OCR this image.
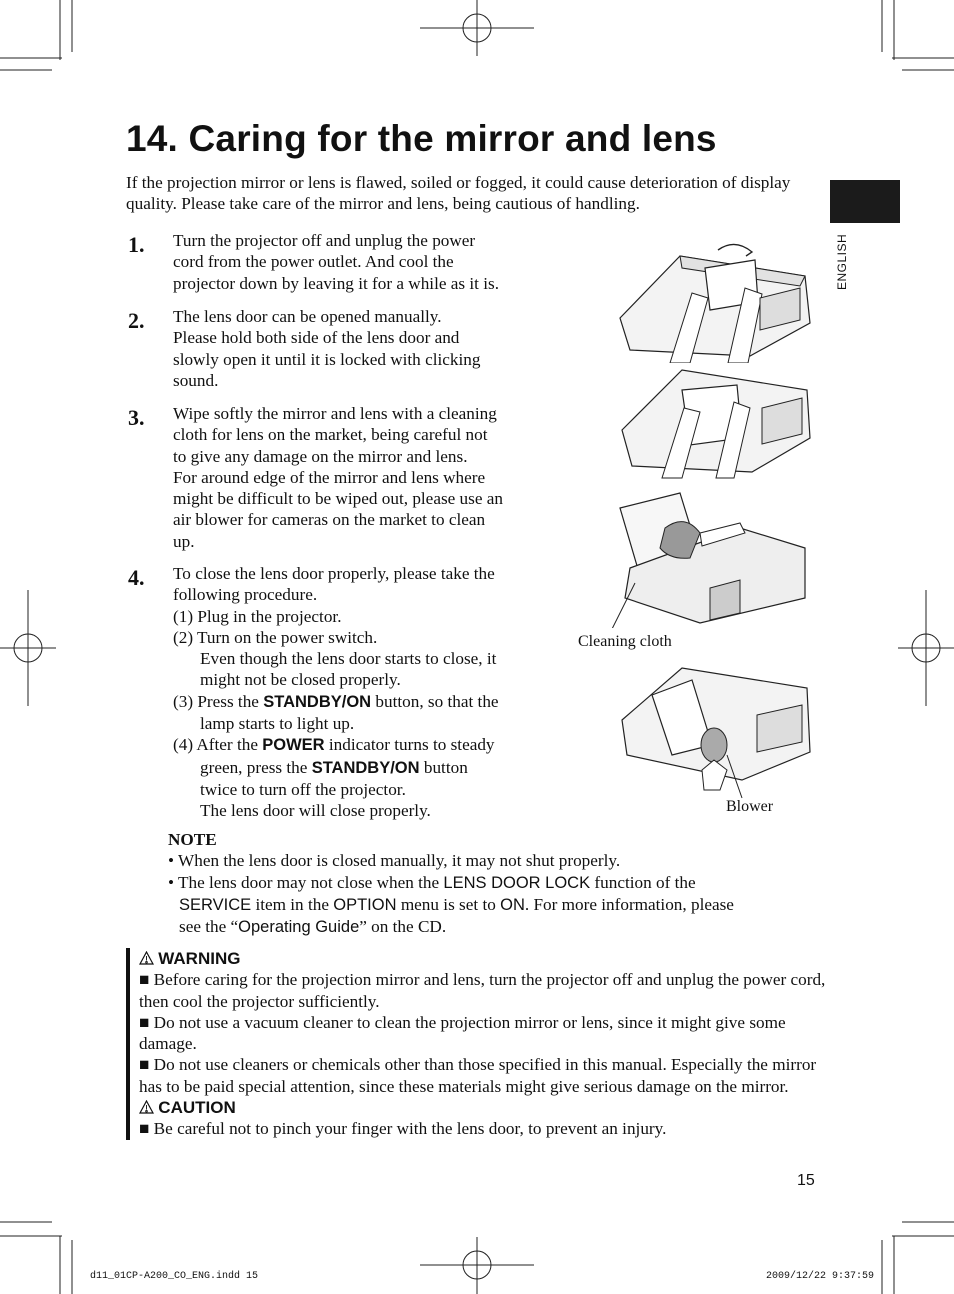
14. Caring for the mirror and lens
ENGLISH
If the projection mirror or lens is flawed, soiled or fogged, it could cause deterioration of display quality. Please take care of the mirror and lens, being cautious of handling.
1. Turn the projector off and unplug the power
cord from the power outlet. And cool the
projector down by leaving it for a while as it is.
2. The lens door can be opened manually.
Please hold both side of the lens door and
slowly open it until it is locked with clicking
sound.
3. Wipe softly the mirror and lens with a cleaning
cloth for lens on the market, being careful not
to give any damage on the mirror and lens.
For around edge of the mirror and lens where
might be difficult to be wiped out, please use an
air blower for cameras on the market to clean
up.
4. To close the lens door properly, please take the
following procedure.
(1) Plug in the projector.
(2) Turn on the power switch.
Even though the lens door starts to close, it
might not be closed properly.
(3) Press the STANDBY/ON button, so that the
lamp starts to light up.
(4) After the POWER indicator turns to steady
green, press the STANDBY/ON button
twice to turn off the projector.
The lens door will close properly.
Cleaning cloth
Blower
NOTE
• When the lens door is closed manually, it may not shut properly.
• The lens door may not close when the LENS DOOR LOCK function of the
SERVICE item in the OPTION menu is set to ON. For more information, please
see the “Operating Guide” on the CD.
WARNING
■ Before caring for the projection mirror and lens, turn the projector off and unplug the power cord, then cool the projector sufficiently.
■ Do not use a vacuum cleaner to clean the projection mirror or lens, since it might give some damage.
■ Do not use cleaners or chemicals other than those specified in this manual. Especially the mirror has to be paid special attention, since these materials might give serious damage on the mirror.
CAUTION
■ Be careful not to pinch your finger with the lens door, to prevent an injury.
15
d11_01CP-A200_CO_ENG.indd 15	2009/12/22 9:37:59
